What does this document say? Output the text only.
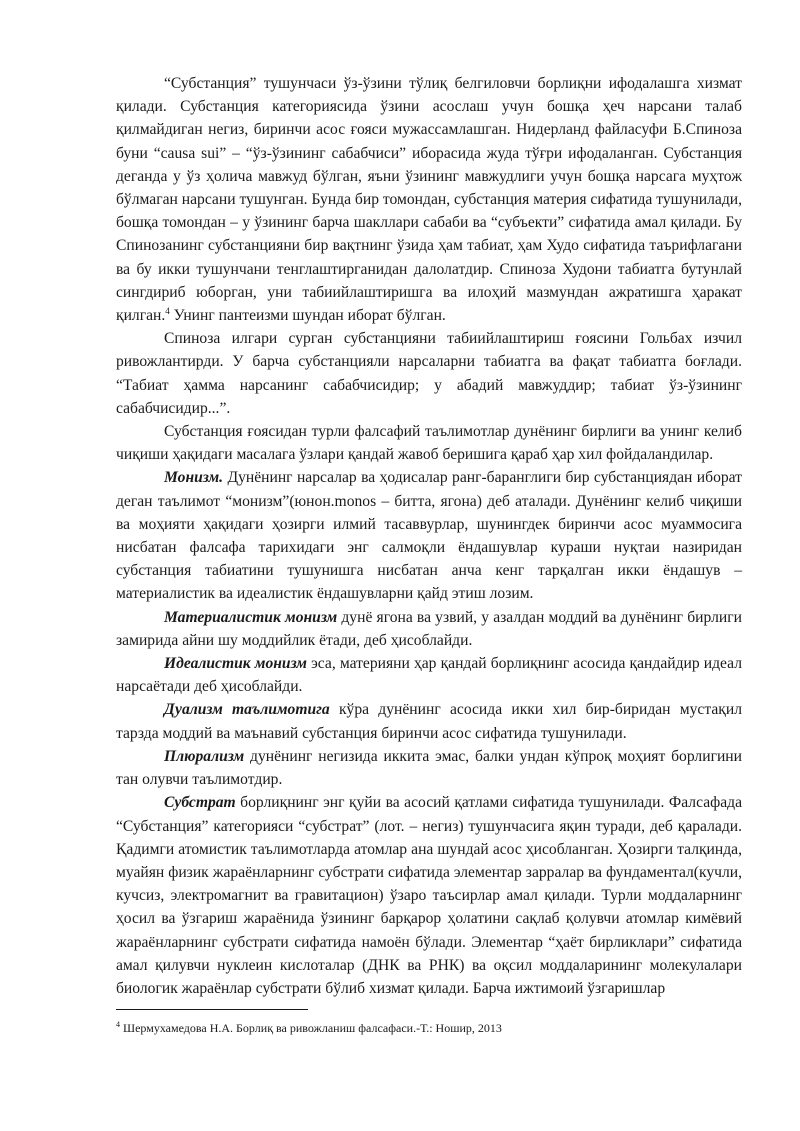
“Субстанция” тушунчаси ўз-ўзини тўлиқ белгиловчи борлиқни ифодалашга хизмат қилади. Субстанция категориясида ўзини асослаш учун бошқа ҳеч нарсани талаб қилмайдиган негиз, биринчи асос ғояси мужассамлашган. Нидерланд файласуфи Б.Спиноза буни “causa sui” – “ўз-ўзининг сабабчиси” иборасида жуда тўғри ифодаланган. Субстанция деганда у ўз ҳолича мавжуд бўлган, яъни ўзининг мавжудлиги учун бошқа нарсага муҳтож бўлмаган нарсани тушунган. Бунда бир томондан, субстанция материя сифатида тушунилади, бошқа томондан – у ўзининг барча шакллари сабаби ва “субъекти” сифатида амал қилади. Бу Спинозанинг субстанцияни бир вақтнинг ўзида ҳам табиат, ҳам Худо сифатида таърифлагани ва бу икки тушунчани тенглаштирганидан далолатдир. Спиноза Худони табиатга бутунлай сингдириб юборган, уни табиийлаштиришга ва илоҳий мазмундан ажратишга ҳаракат қилган.$^4$ Унинг пантеизми шундан иборат бўлган.

Спиноза илгари сурган субстанцияни табиийлаштириш ғоясини Гольбах изчил ривожлантирди. У барча субстанцияли нарсаларни табиатга ва фақат табиатга боғлади. “Табиат ҳамма нарсанинг сабабчисидир; у абадий мавжуддир; табиат ўз-ўзининг сабабчисидир...”.

Субстанция ғоясидан турли фалсафий таълимотлар дунёнинг бирлиги ва унинг келиб чиқиши ҳақидаги масалага ўзлари қандай жавоб беришига қараб ҳар хил фойдаландилар.

Монизм. Дунёнинг нарсалар ва ҳодисалар ранг-баранглиги бир субстанциядан иборат деган таълимот “монизм”(юнон.monos – битта, ягона) деб аталади. Дунёнинг келиб чиқиши ва моҳияти ҳақидаги ҳозирги илмий тасаввурлар, шунингдек биринчи асос муаммосига нисбатан фалсафа тарихидаги энг салмоқли ёндашувлар кураши нуқтаи назиридан субстанция табиатини тушунишга нисбатан анча кенг тарқалган икки ёндашув – материалистик ва идеалистик ёндашувларни қайд этиш лозим.

Материалистик монизм дунё ягона ва узвий, у азалдан моддий ва дунёнинг бирлиги замирида айни шу моддийлик ётади, деб ҳисоблайди.

Идеалистик монизм эса, материяни ҳар қандай борлиқнинг асосида қандайдир идеал нарсаётади деб ҳисоблайди.

Дуализм таълимотига кўра дунёнинг асосида икки хил бир-биридан мустақил тарзда моддий ва маънавий субстанция биринчи асос сифатида тушунилади.

Плюрализм дунёнинг негизида иккита эмас, балки ундан кўпроқ моҳият борлигини тан олувчи таълимотдир.

Субстрат борлиқнинг энг қуйи ва асосий қатлами сифатида тушунилади. Фалсафада “Субстанция” категорияси “субстрат” (лот. – негиз) тушунчасига яқин туради, деб қаралади. Қадимги атомистик таълимотларда атомлар ана шундай асос ҳисобланган. Ҳозирги талқинда, муайян физик жараёнларнинг субстрати сифатида элементар зарралар ва фундаментал(кучли, кучсиз, электромагнит ва гравитацион) ўзаро таъсирлар амал қилади. Турли моддаларнинг ҳосил ва ўзгариш жараёнида ўзининг барқарор ҳолатини сақлаб қолувчи атомлар кимёвий жараёнларнинг субстрати сифатида намоён бўлади. Элементар “ҳаёт бирликлари” сифатида амал қилувчи нуклеин кислоталар (ДНК ва РНК) ва оқсил моддаларининг молекулалари биологик жараёнлар субстрати бўлиб хизмат қилади. Барча ижтимоий ўзгаришлар

$^4$ Шермухамедова Н.А. Борлиқ ва ривожланиш фалсафаси.-Т.: Ношир, 2013
